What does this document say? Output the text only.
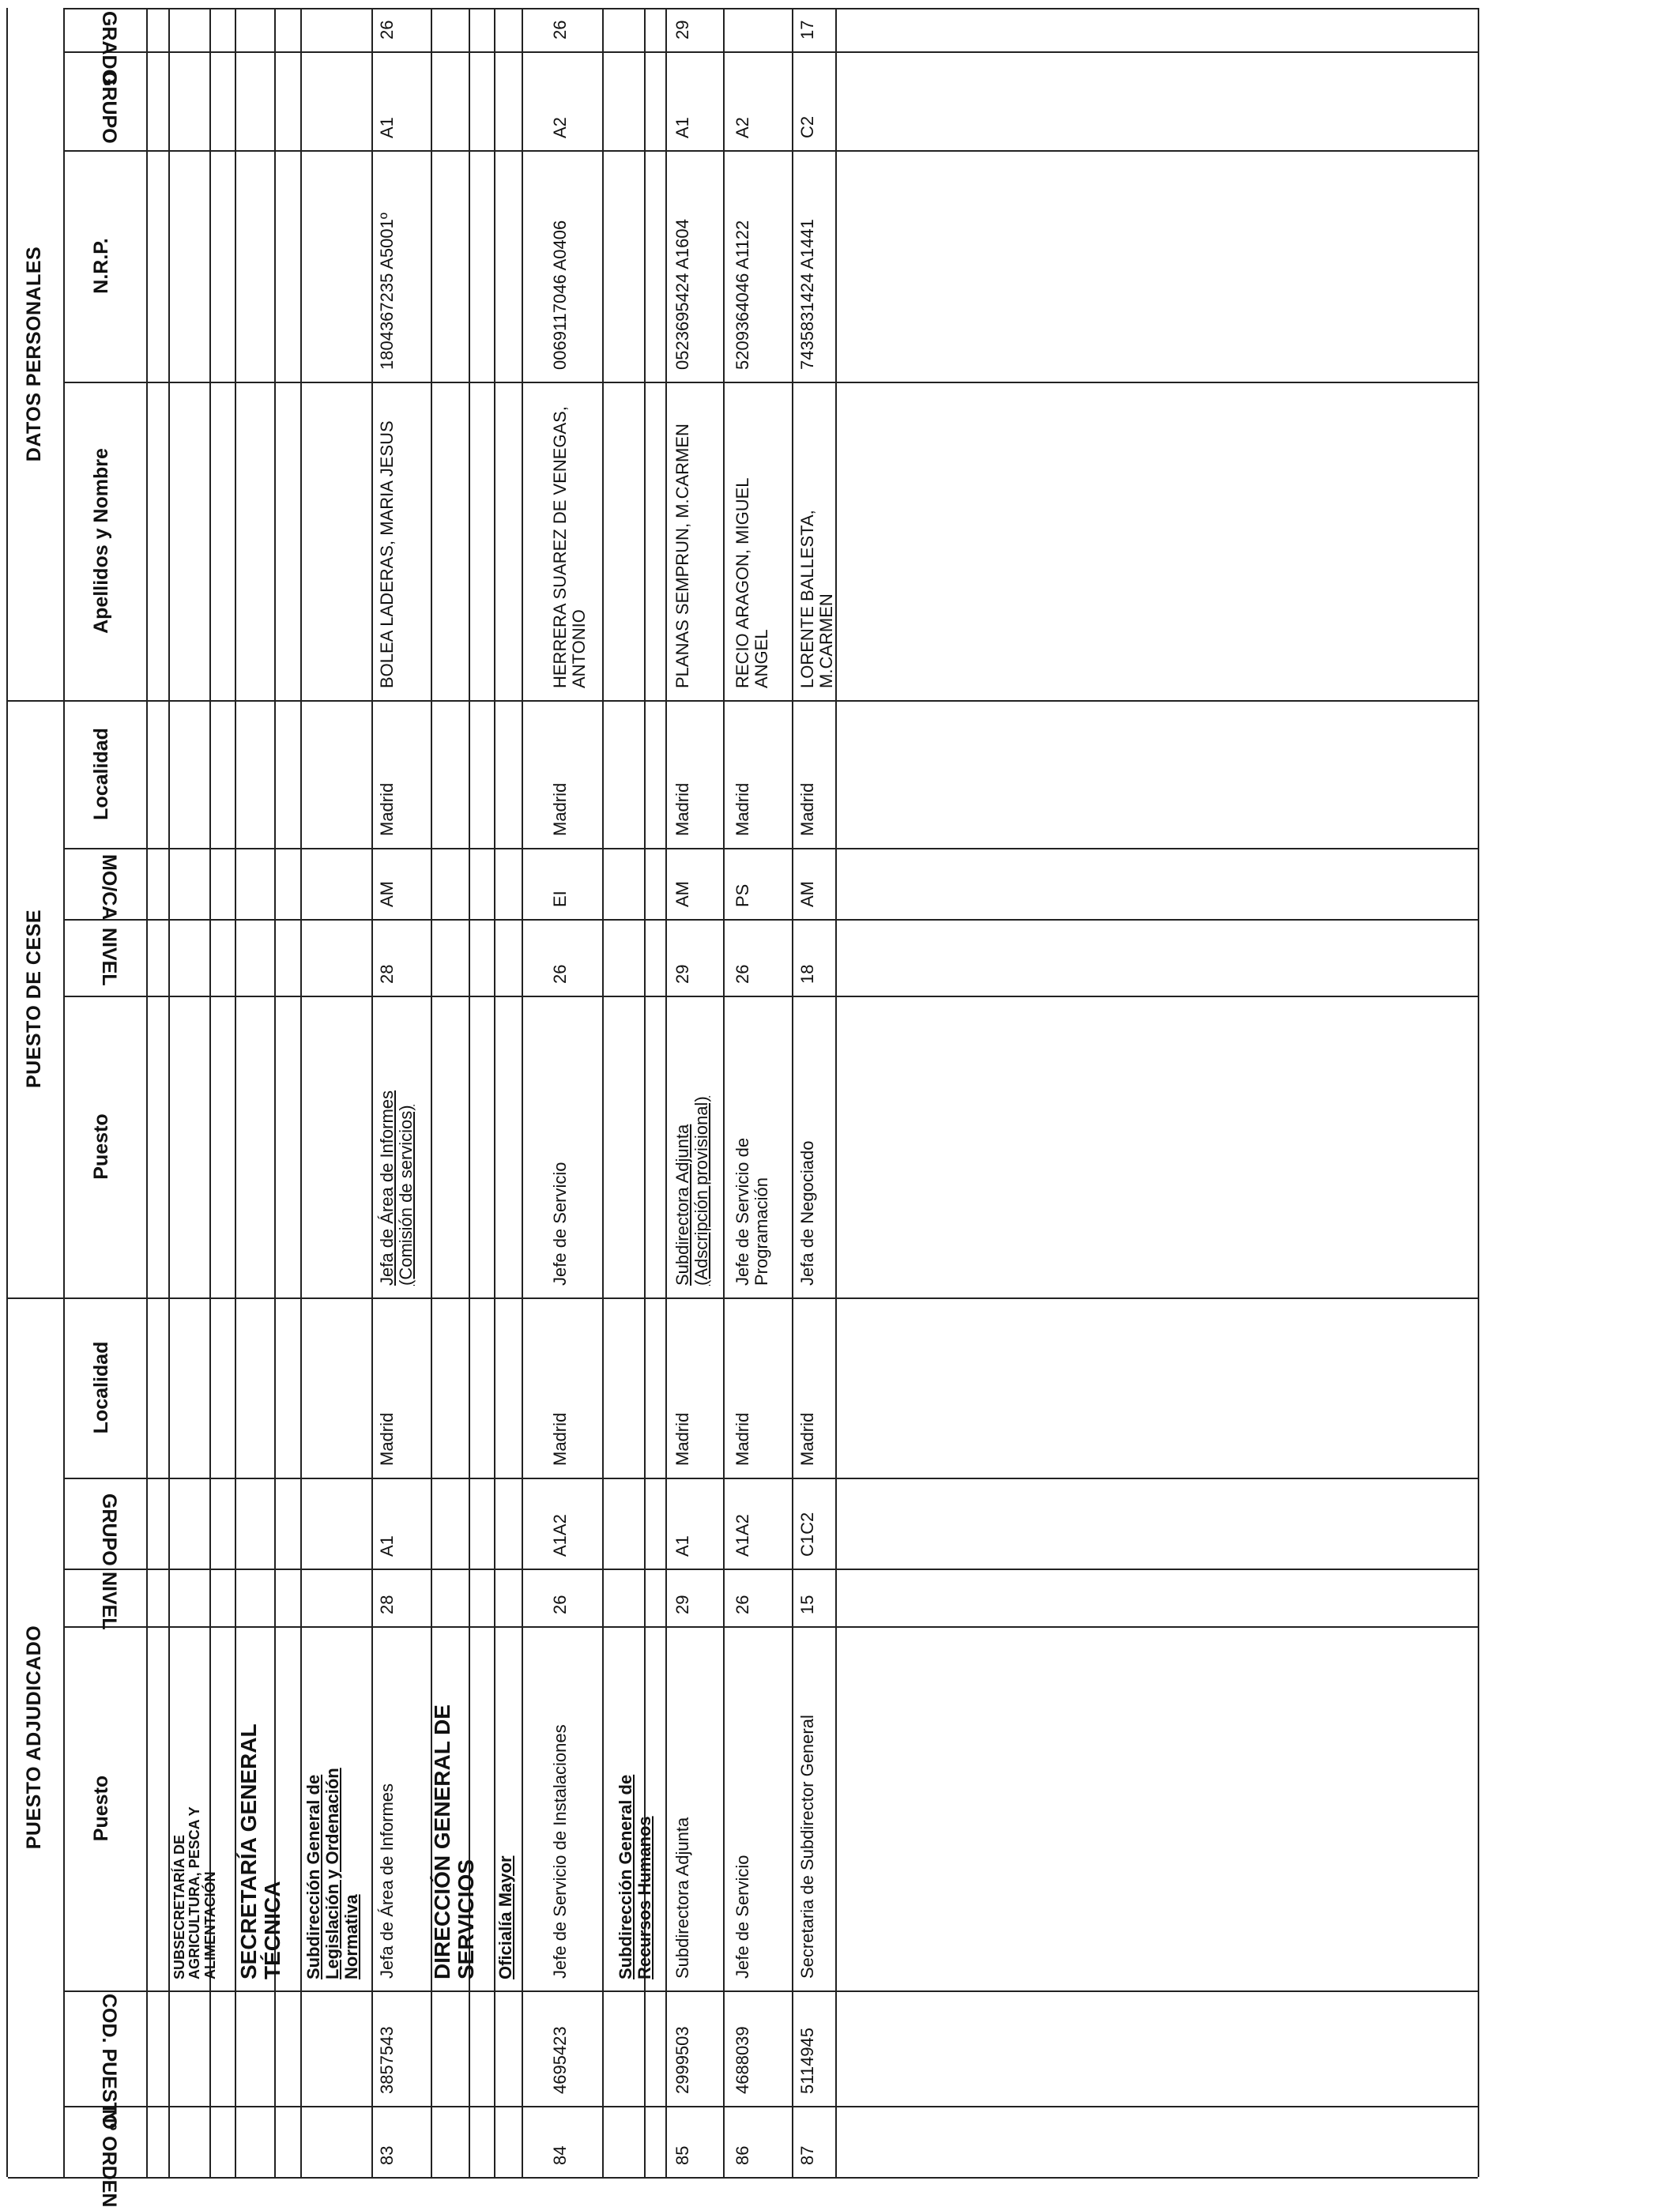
PUESTO ADJUDICADO
PUESTO DE CESE
DATOS PERSONALES
Nº ORDEN
COD. PUESTO
Puesto
NIVEL
GRUPO
Localidad
Puesto
NIVEL
MO/CA
Localidad
Apellidos y Nombre
N.R.P.
GRUPO
GRADO
SUBSECRETARÍA DE
AGRICULTURA, PESCA Y
ALIMENTACIÓN SECRETARÍA GENERAL
TÉCNICA Subdirección General de
Legislación y Ordenación
Normativa	DIRECCIÓN GENERAL DE
SERVICIOS Oficialía Mayor	Subdirección General de
Recursos Humanos
83
3857543
Jefa de Área de Informes
28
A1
Madrid
Jefa de Área de Informes
(Comisión de servicios)
28
AM
Madrid
BOLEA LADERAS, MARIA JESUS
1804367235 A5001º
A1
26
84
4695423
Jefe de Servicio de Instalaciones
26
A1A2
Madrid
Jefe de Servicio
26
EI
Madrid
HERRERA SUAREZ DE VENEGAS,
ANTONIO
0069117046 A0406
A2
26
85
2999503
Subdirectora Adjunta
29
A1
Madrid
Subdirectora Adjunta
(Adscripción provisional)
29
AM
Madrid
PLANAS SEMPRUN, M.CARMEN
0523695424 A1604
A1
29
86
4688039
Jefe de Servicio
26
A1A2
Madrid
Jefe de Servicio de
Programación
26
PS
Madrid
RECIO ARAGON, MIGUEL
ANGEL
5209364046 A1122
A2
87
5114945
Secretaria de Subdirector General
15
C1C2
Madrid
Jefa de Negociado
18
AM
Madrid
LORENTE BALLESTA,
M.CARMEN
7435831424 A1441
C2
17
